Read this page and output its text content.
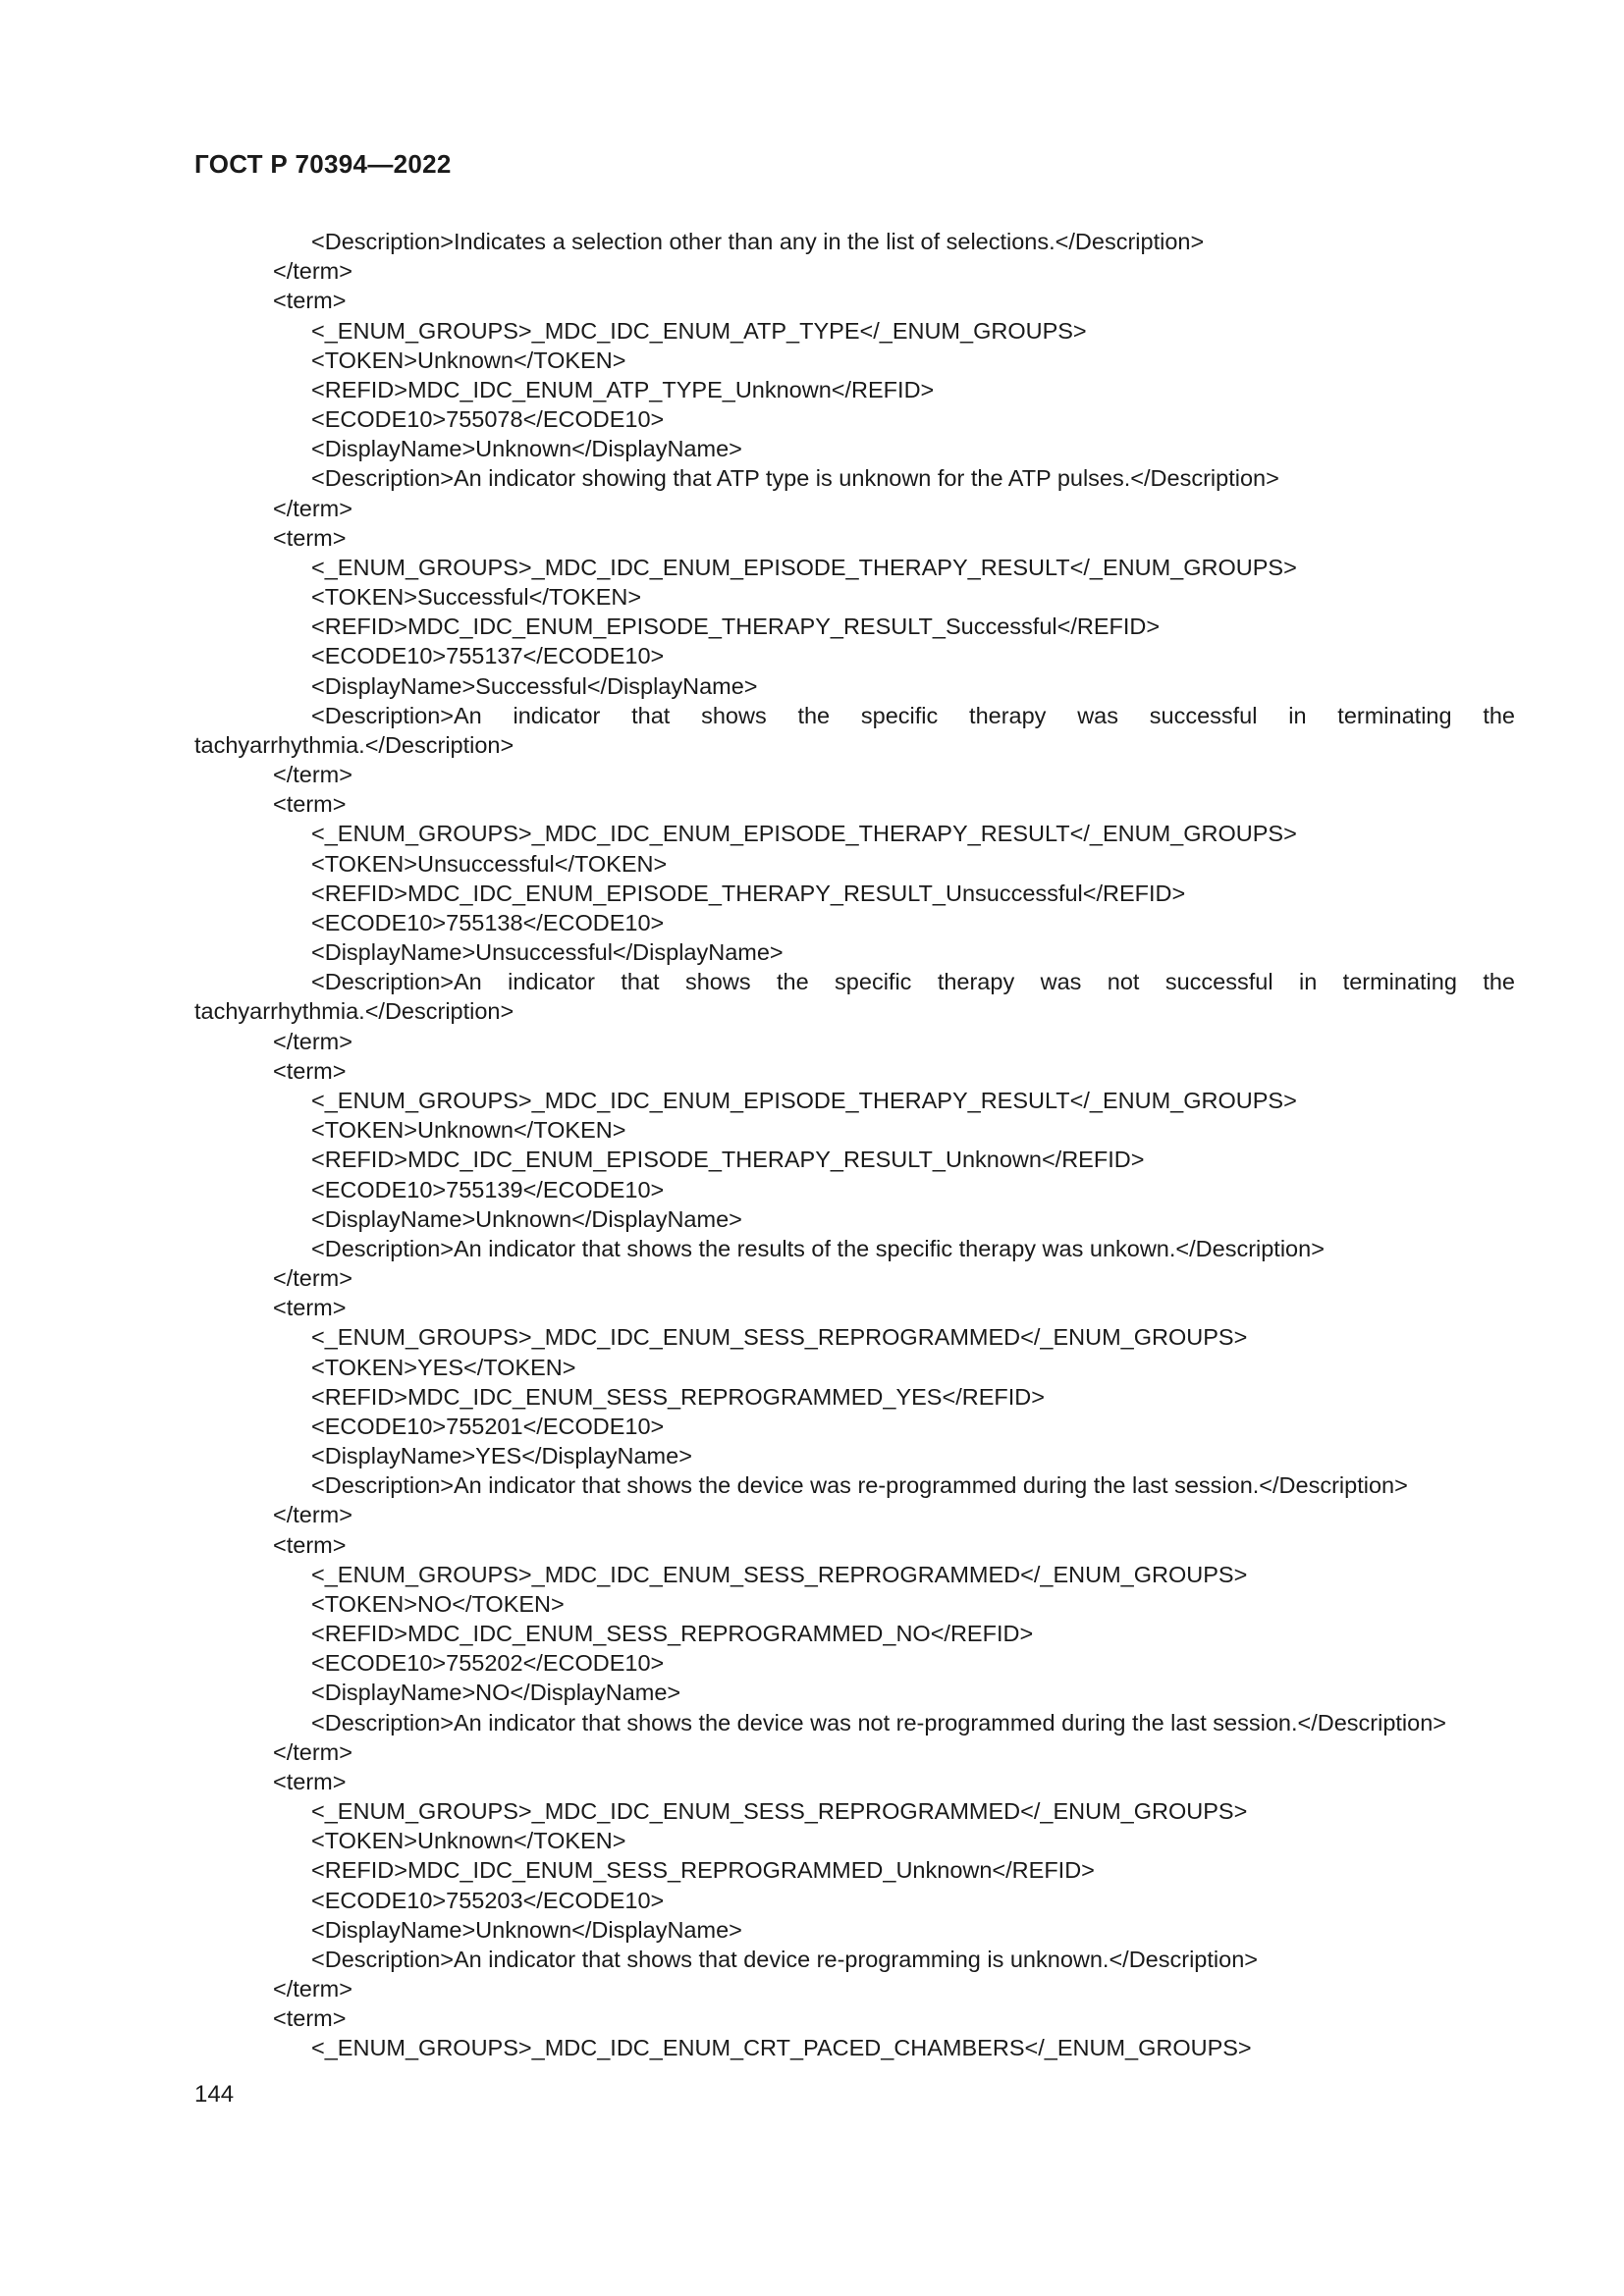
ГОСТ Р 70394—2022
<Description>Indicates a selection other than any in the list of selections.</Description>
</term>
<term>
<_ENUM_GROUPS>_MDC_IDC_ENUM_ATP_TYPE</_ENUM_GROUPS>
<TOKEN>Unknown</TOKEN>
<REFID>MDC_IDC_ENUM_ATP_TYPE_Unknown</REFID>
<ECODE10>755078</ECODE10>
<DisplayName>Unknown</DisplayName>
<Description>An indicator showing that ATP type is unknown for the ATP pulses.</Description>
</term>
<term>
<_ENUM_GROUPS>_MDC_IDC_ENUM_EPISODE_THERAPY_RESULT</_ENUM_GROUPS>
<TOKEN>Successful</TOKEN>
<REFID>MDC_IDC_ENUM_EPISODE_THERAPY_RESULT_Successful</REFID>
<ECODE10>755137</ECODE10>
<DisplayName>Successful</DisplayName>
<Description>An indicator that shows the specific therapy was successful in terminating the
tachyarrhythmia.</Description>
</term>
<term>
<_ENUM_GROUPS>_MDC_IDC_ENUM_EPISODE_THERAPY_RESULT</_ENUM_GROUPS>
<TOKEN>Unsuccessful</TOKEN>
<REFID>MDC_IDC_ENUM_EPISODE_THERAPY_RESULT_Unsuccessful</REFID>
<ECODE10>755138</ECODE10>
<DisplayName>Unsuccessful</DisplayName>
<Description>An indicator that shows the specific therapy was not successful in terminating the
tachyarrhythmia.</Description>
</term>
<term>
<_ENUM_GROUPS>_MDC_IDC_ENUM_EPISODE_THERAPY_RESULT</_ENUM_GROUPS>
<TOKEN>Unknown</TOKEN>
<REFID>MDC_IDC_ENUM_EPISODE_THERAPY_RESULT_Unknown</REFID>
<ECODE10>755139</ECODE10>
<DisplayName>Unknown</DisplayName>
<Description>An indicator that shows the results of the specific therapy was unkown.</Description>
</term>
<term>
<_ENUM_GROUPS>_MDC_IDC_ENUM_SESS_REPROGRAMMED</_ENUM_GROUPS>
<TOKEN>YES</TOKEN>
<REFID>MDC_IDC_ENUM_SESS_REPROGRAMMED_YES</REFID>
<ECODE10>755201</ECODE10>
<DisplayName>YES</DisplayName>
<Description>An indicator that shows the device was re-programmed during the last session.</Description>
</term>
<term>
<_ENUM_GROUPS>_MDC_IDC_ENUM_SESS_REPROGRAMMED</_ENUM_GROUPS>
<TOKEN>NO</TOKEN>
<REFID>MDC_IDC_ENUM_SESS_REPROGRAMMED_NO</REFID>
<ECODE10>755202</ECODE10>
<DisplayName>NO</DisplayName>
<Description>An indicator that shows the device was not re-programmed during the last session.</Description>
</term>
<term>
<_ENUM_GROUPS>_MDC_IDC_ENUM_SESS_REPROGRAMMED</_ENUM_GROUPS>
<TOKEN>Unknown</TOKEN>
<REFID>MDC_IDC_ENUM_SESS_REPROGRAMMED_Unknown</REFID>
<ECODE10>755203</ECODE10>
<DisplayName>Unknown</DisplayName>
<Description>An indicator that shows that device re-programming is unknown.</Description>
</term>
<term>
<_ENUM_GROUPS>_MDC_IDC_ENUM_CRT_PACED_CHAMBERS</_ENUM_GROUPS>
144
